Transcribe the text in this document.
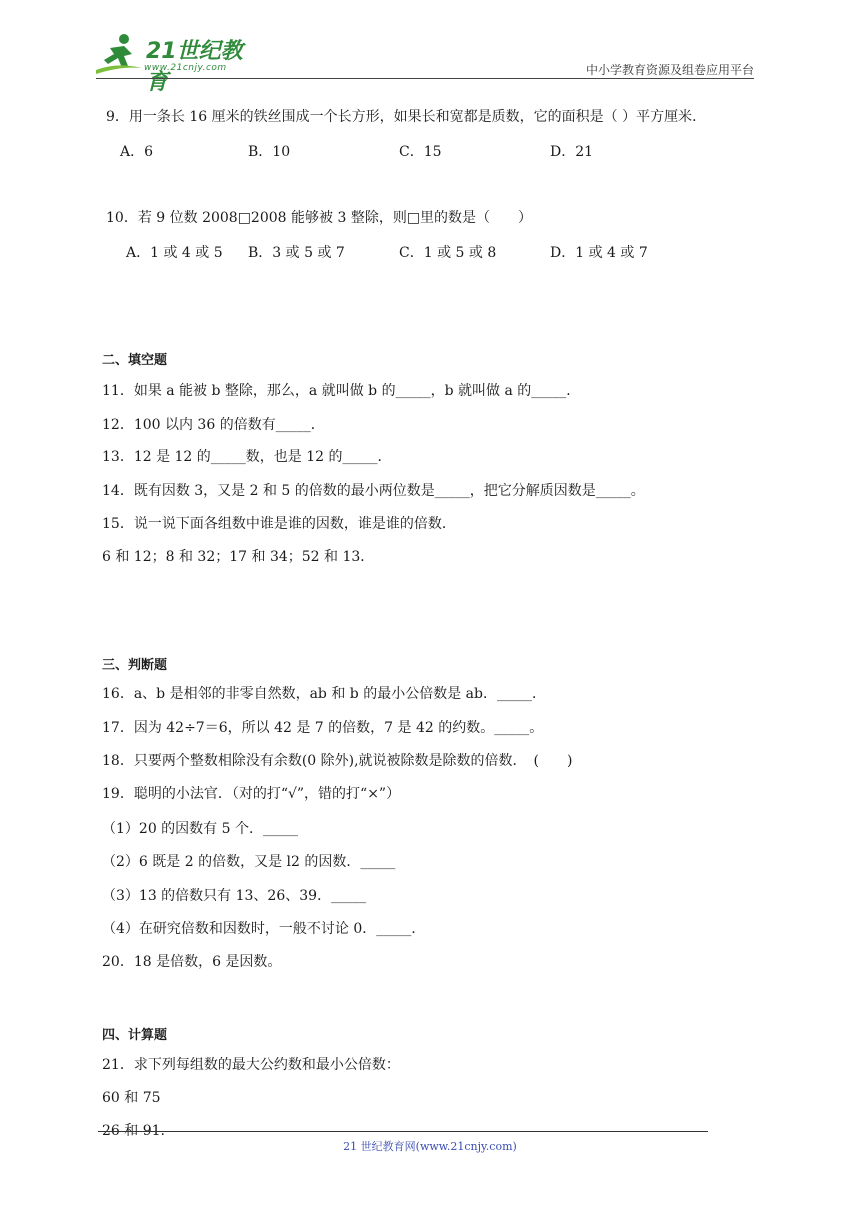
21世纪教育
www.21cnjy.com	中小学教育资源及组卷应用平台
9．用一条长 16 厘米的铁丝围成一个长方形，如果长和宽都是质数，它的面积是（ ）平方厘米．
A．6	B．10	C．15	D．21
10．若 9 位数 2008□2008 能够被 3 整除，则□里的数是（　　）
A．1 或 4 或 5 B．3 或 5 或 7	C．1 或 5 或 8	D．1 或 4 或 7
二、填空题
11．如果 a 能被 b 整除，那么，a 就叫做 b 的_____，b 就叫做 a 的_____．
12．100 以内 36 的倍数有_____．
13．12 是 12 的_____数，也是 12 的_____．
14．既有因数 3，又是 2 和 5 的倍数的最小两位数是_____，把它分解质因数是_____。
15．说一说下面各组数中谁是谁的因数，谁是谁的倍数．
6 和 12；8 和 32；17 和 34；52 和 13．
三、判断题
16．a、b 是相邻的非零自然数，ab 和 b 的最小公倍数是 ab．_____．
17．因为 42÷7＝6，所以 42 是 7 的倍数，7 是 42 的约数。_____。
18．只要两个整数相除没有余数(0 除外),就说被除数是除数的倍数．　(　　)
19．聪明的小法官．（对的打“√”，错的打“×”）
（1）20 的因数有 5 个．_____
（2）6 既是 2 的倍数，又是 l2 的因数．_____
（3）13 的倍数只有 13、26、39．_____
（4）在研究倍数和因数时，一般不讨论 0．_____.
20．18 是倍数，6 是因数。
四、计算题
21．求下列每组数的最大公约数和最小公倍数：
60 和 75
26 和 91.
21 世纪教育网(www.21cnjy.com)
